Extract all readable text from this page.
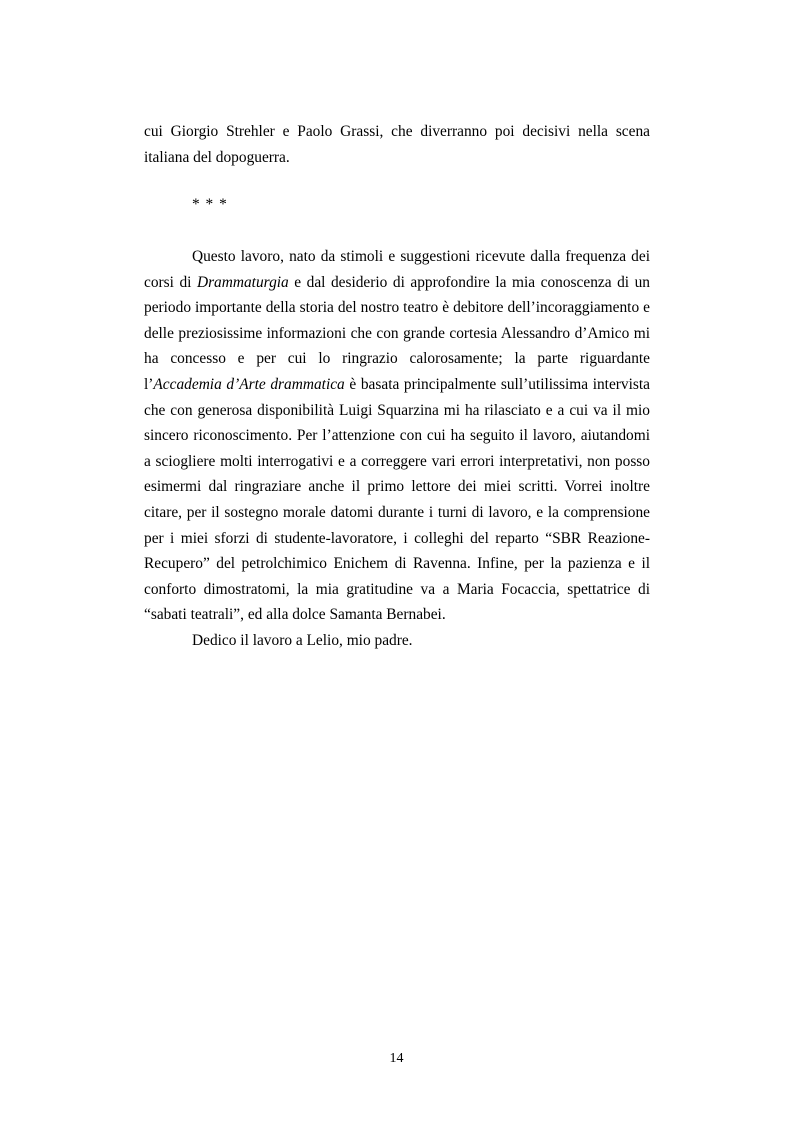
cui Giorgio Strehler e Paolo Grassi, che diverranno poi decisivi nella scena italiana del dopoguerra.

* * *

Questo lavoro, nato da stimoli e suggestioni ricevute dalla frequenza dei corsi di Drammaturgia e dal desiderio di approfondire la mia conoscenza di un periodo importante della storia del nostro teatro è debitore dell’incoraggiamento e delle preziosissime informazioni che con grande cortesia Alessandro d’Amico mi ha concesso e per cui lo ringrazio calorosamente; la parte riguardante l’Accademia d’Arte drammatica è basata principalmente sull’utilissima intervista che con generosa disponibilità Luigi Squarzina mi ha rilasciato e a cui va il mio sincero riconoscimento. Per l’attenzione con cui ha seguito il lavoro, aiutandomi a sciogliere molti interrogativi e a correggere vari errori interpretativi, non posso esimermi dal ringraziare anche il primo lettore dei miei scritti. Vorrei inoltre citare, per il sostegno morale datomi durante i turni di lavoro, e la comprensione per i miei sforzi di studente-lavoratore, i colleghi del reparto “SBR Reazione-Recupero” del petrolchimico Enichem di Ravenna. Infine, per la pazienza e il conforto dimostratomi, la mia gratitudine va a Maria Focaccia, spettatrice di “sabati teatrali”, ed alla dolce Samanta Bernabei.

Dedico il lavoro a Lelio, mio padre.

14
